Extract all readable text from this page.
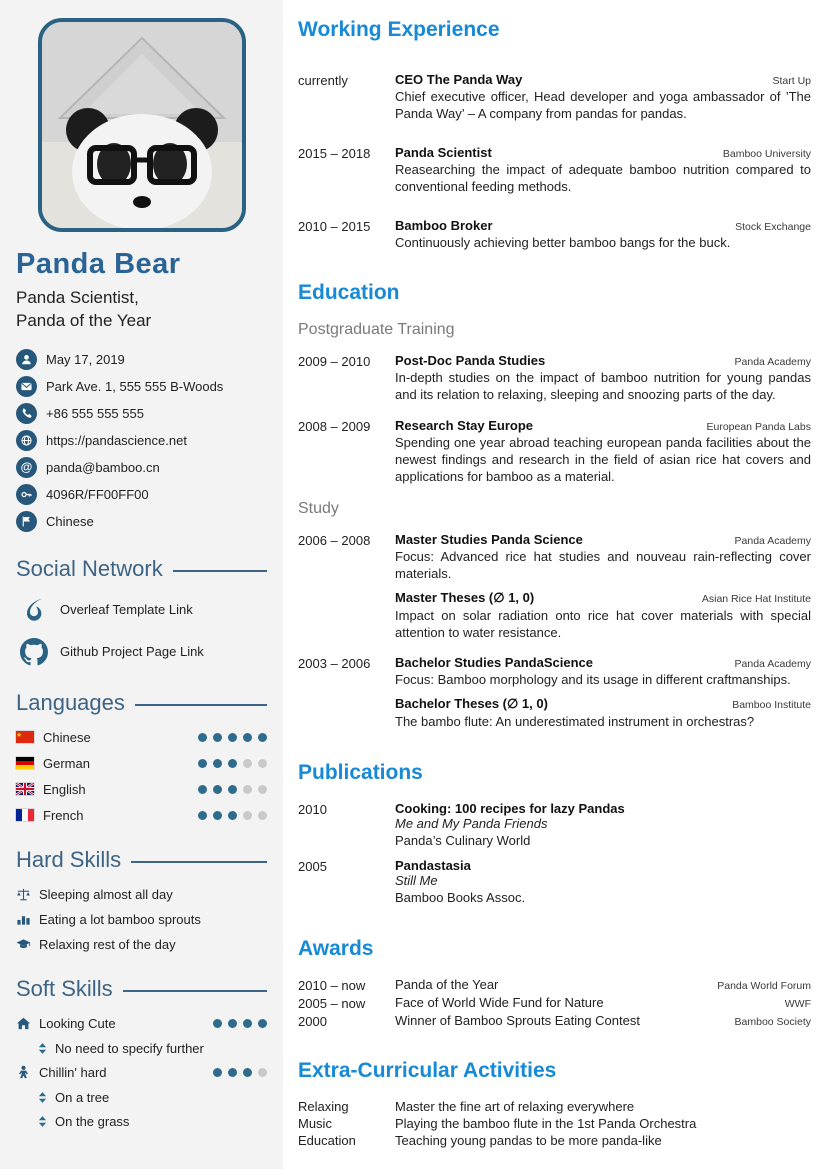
Panda Bear
Panda Scientist,
Panda of the Year
May 17, 2019
Park Ave. 1, 555 555 B‑Woods
+86 555 555 555
https://pandascience.net
@ panda@bamboo.cn
4096R/FF00FF00
Chinese
Social Network
Overleaf Template Link
Github Project Page Link
Languages
Chinese
German
English
French
Hard Skills
Sleeping almost all day
Eating a lot bamboo sprouts
Relaxing rest of the day
Soft Skills
Looking Cute
No need to specify further
Chillin' hard
On a tree
On the grass
Working Experience
currently	CEO The Panda Way	Start Up
Chief executive officer, Head developer and yoga ambassador of ’The Panda Way’ – A company from pandas for pandas.
2015 – 2018	Panda Scientist	Bamboo University
Reasearching the impact of adequate bamboo nutrition compared to conventional feeding methods.
2010 – 2015	Bamboo Broker	Stock Exchange
Continuously achieving better bamboo bangs for the buck.
Education
Postgraduate Training
2009 – 2010	Post-Doc Panda Studies	Panda Academy
In-depth studies on the impact of bamboo nutrition for young pandas and its relation to relaxing, sleeping and snoozing parts of the day.
2008 – 2009	Research Stay Europe	European Panda Labs
Spending one year abroad teaching european panda facilities about the newest findings and research in the field of asian rice hat covers and applications for bamboo as a material.
Study
2006 – 2008	Master Studies Panda Science	Panda Academy
Focus: Advanced rice hat studies and nouveau rain-reflecting cover materials.
Master Theses (∅ 1, 0)	Asian Rice Hat Institute
Impact on solar radiation onto rice hat cover materials with special attention to water resistance.
2003 – 2006	Bachelor Studies PandaScience	Panda Academy
Focus: Bamboo morphology and its usage in different craftmanships.
Bachelor Theses (∅ 1, 0)	Bamboo Institute
The bambo flute: An underestimated instrument in orchestras?
Publications
2010	Cooking: 100 recipes for lazy Pandas
Me and My Panda Friends
Panda’s Culinary World
2005	Pandastasia
Still Me
Bamboo Books Assoc.
Awards
2010 – now	Panda of the Year	Panda World Forum
2005 – now	Face of World Wide Fund for Nature	WWF
2000	Winner of Bamboo Sprouts Eating Contest	Bamboo Society
Extra-Curricular Activities
Relaxing	Master the fine art of relaxing everywhere
Music	Playing the bamboo flute in the 1st Panda Orchestra
Education	Teaching young pandas to be more panda-like
